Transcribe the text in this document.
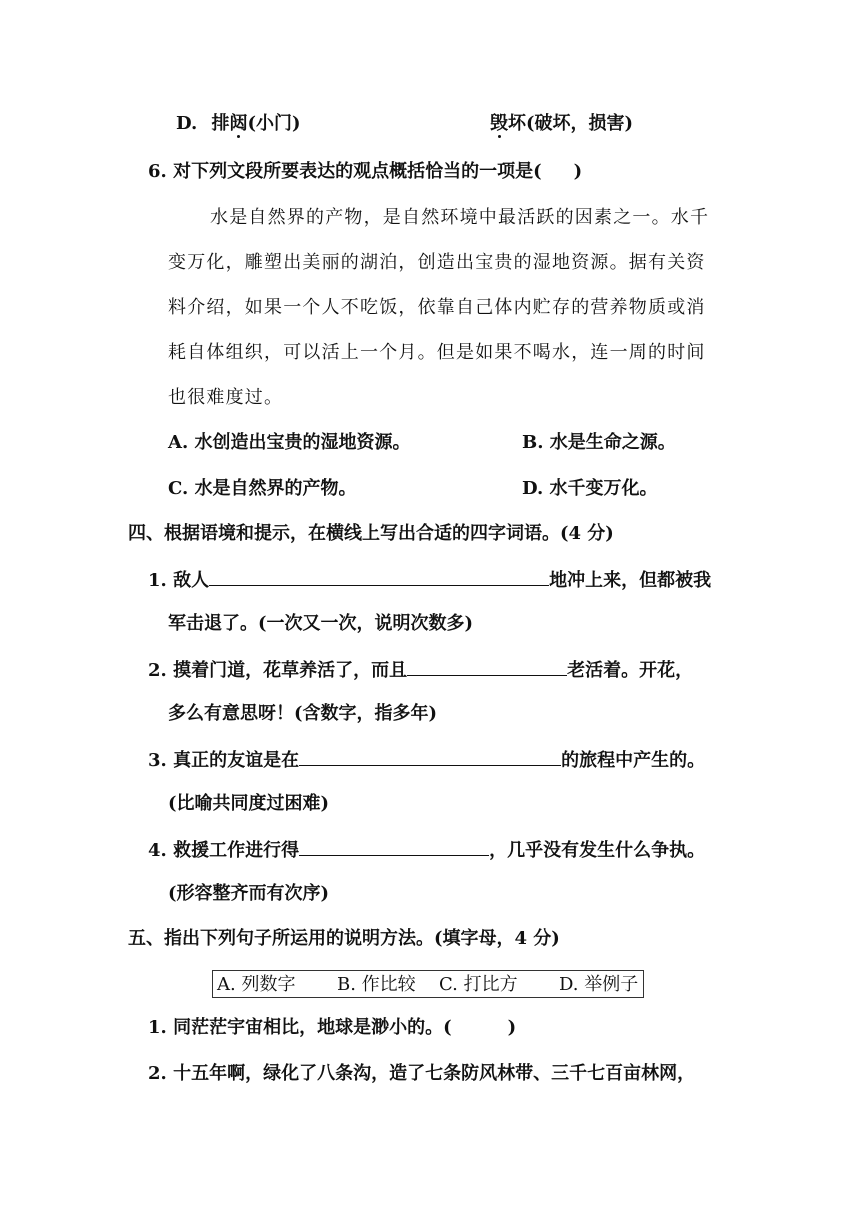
D. 排闼(小门)	毁坏(破坏，损害)
6. 对下列文段所要表达的观点概括恰当的一项是( )
水是自然界的产物，是自然环境中最活跃的因素之一。水千
变万化，雕塑出美丽的湖泊，创造出宝贵的湿地资源。据有关资
料介绍，如果一个人不吃饭，依靠自己体内贮存的营养物质或消
耗自体组织，可以活上一个月。但是如果不喝水，连一周的时间
也很难度过。
A. 水创造出宝贵的湿地资源。	B. 水是生命之源。
C. 水是自然界的产物。	D. 水千变万化。
四、根据语境和提示，在横线上写出合适的四字词语。(4 分)
1. 敌人	地冲上来，但都被我
军击退了。(一次又一次，说明次数多)
2. 摸着门道，花草养活了，而且	老活着。开花，
多么有意思呀！(含数字，指多年)
3. 真正的友谊是在	的旅程中产生的。
(比喻共同度过困难)
4. 救援工作进行得	，几乎没有发生什么争执。
(形容整齐而有次序)
五、指出下列句子所运用的说明方法。(填字母，4 分)
A. 列数字 B. 作比较 C. 打比方 D. 举例子
1. 同茫茫宇宙相比，地球是渺小的。(	)
2. 十五年啊，绿化了八条沟，造了七条防风林带、三千七百亩林网，
